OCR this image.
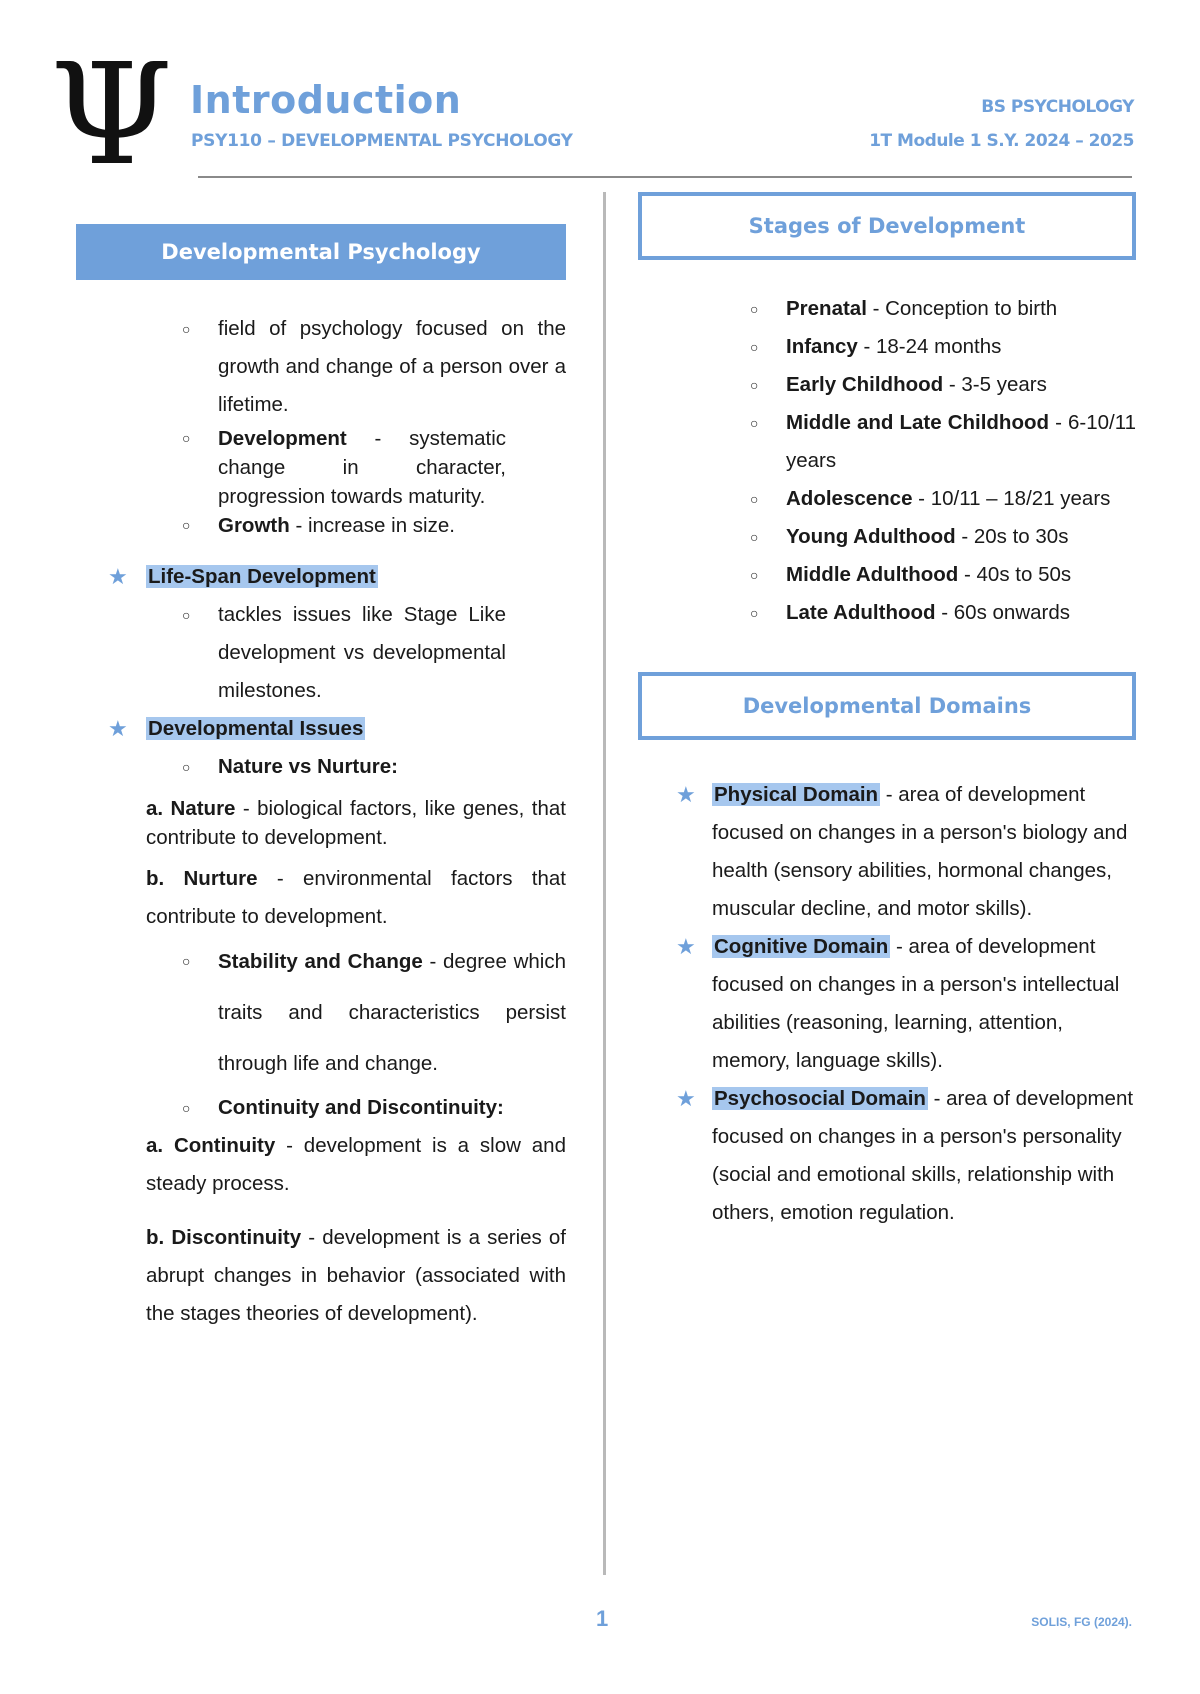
Ψ Introduction
PSY110 – DEVELOPMENTAL PSYCHOLOGY
BS PSYCHOLOGY
1T Module 1 S.Y. 2024 – 2025
Developmental Psychology
○ field of psychology focused on the growth and change of a person over a lifetime.
○ Development - systematic change in character, progression towards maturity.
○ Growth - increase in size.
★ Life-Span Development
○ tackles issues like Stage Like development vs developmental milestones.
★ Developmental Issues
○ Nature vs Nurture:
a. Nature - biological factors, like genes, that contribute to development.
b. Nurture - environmental factors that contribute to development.
○ Stability and Change - degree which traits and characteristics persist through life and change.
○ Continuity and Discontinuity:
a. Continuity - development is a slow and steady process.
b. Discontinuity - development is a series of abrupt changes in behavior (associated with the stages theories of development).
Stages of Development
○ Prenatal - Conception to birth
○ Infancy - 18-24 months
○ Early Childhood - 3-5 years
○ Middle and Late Childhood - 6-10/11 years
○ Adolescence - 10/11 – 18/21 years
○ Young Adulthood - 20s to 30s
○ Middle Adulthood - 40s to 50s
○ Late Adulthood - 60s onwards
Developmental Domains
★ Physical Domain - area of development focused on changes in a person's biology and health (sensory abilities, hormonal changes, muscular decline, and motor skills).
★ Cognitive Domain - area of development focused on changes in a person's intellectual abilities (reasoning, learning, attention, memory, language skills).
★ Psychosocial Domain - area of development focused on changes in a person's personality (social and emotional skills, relationship with others, emotion regulation.
1	SOLIS, FG (2024).
